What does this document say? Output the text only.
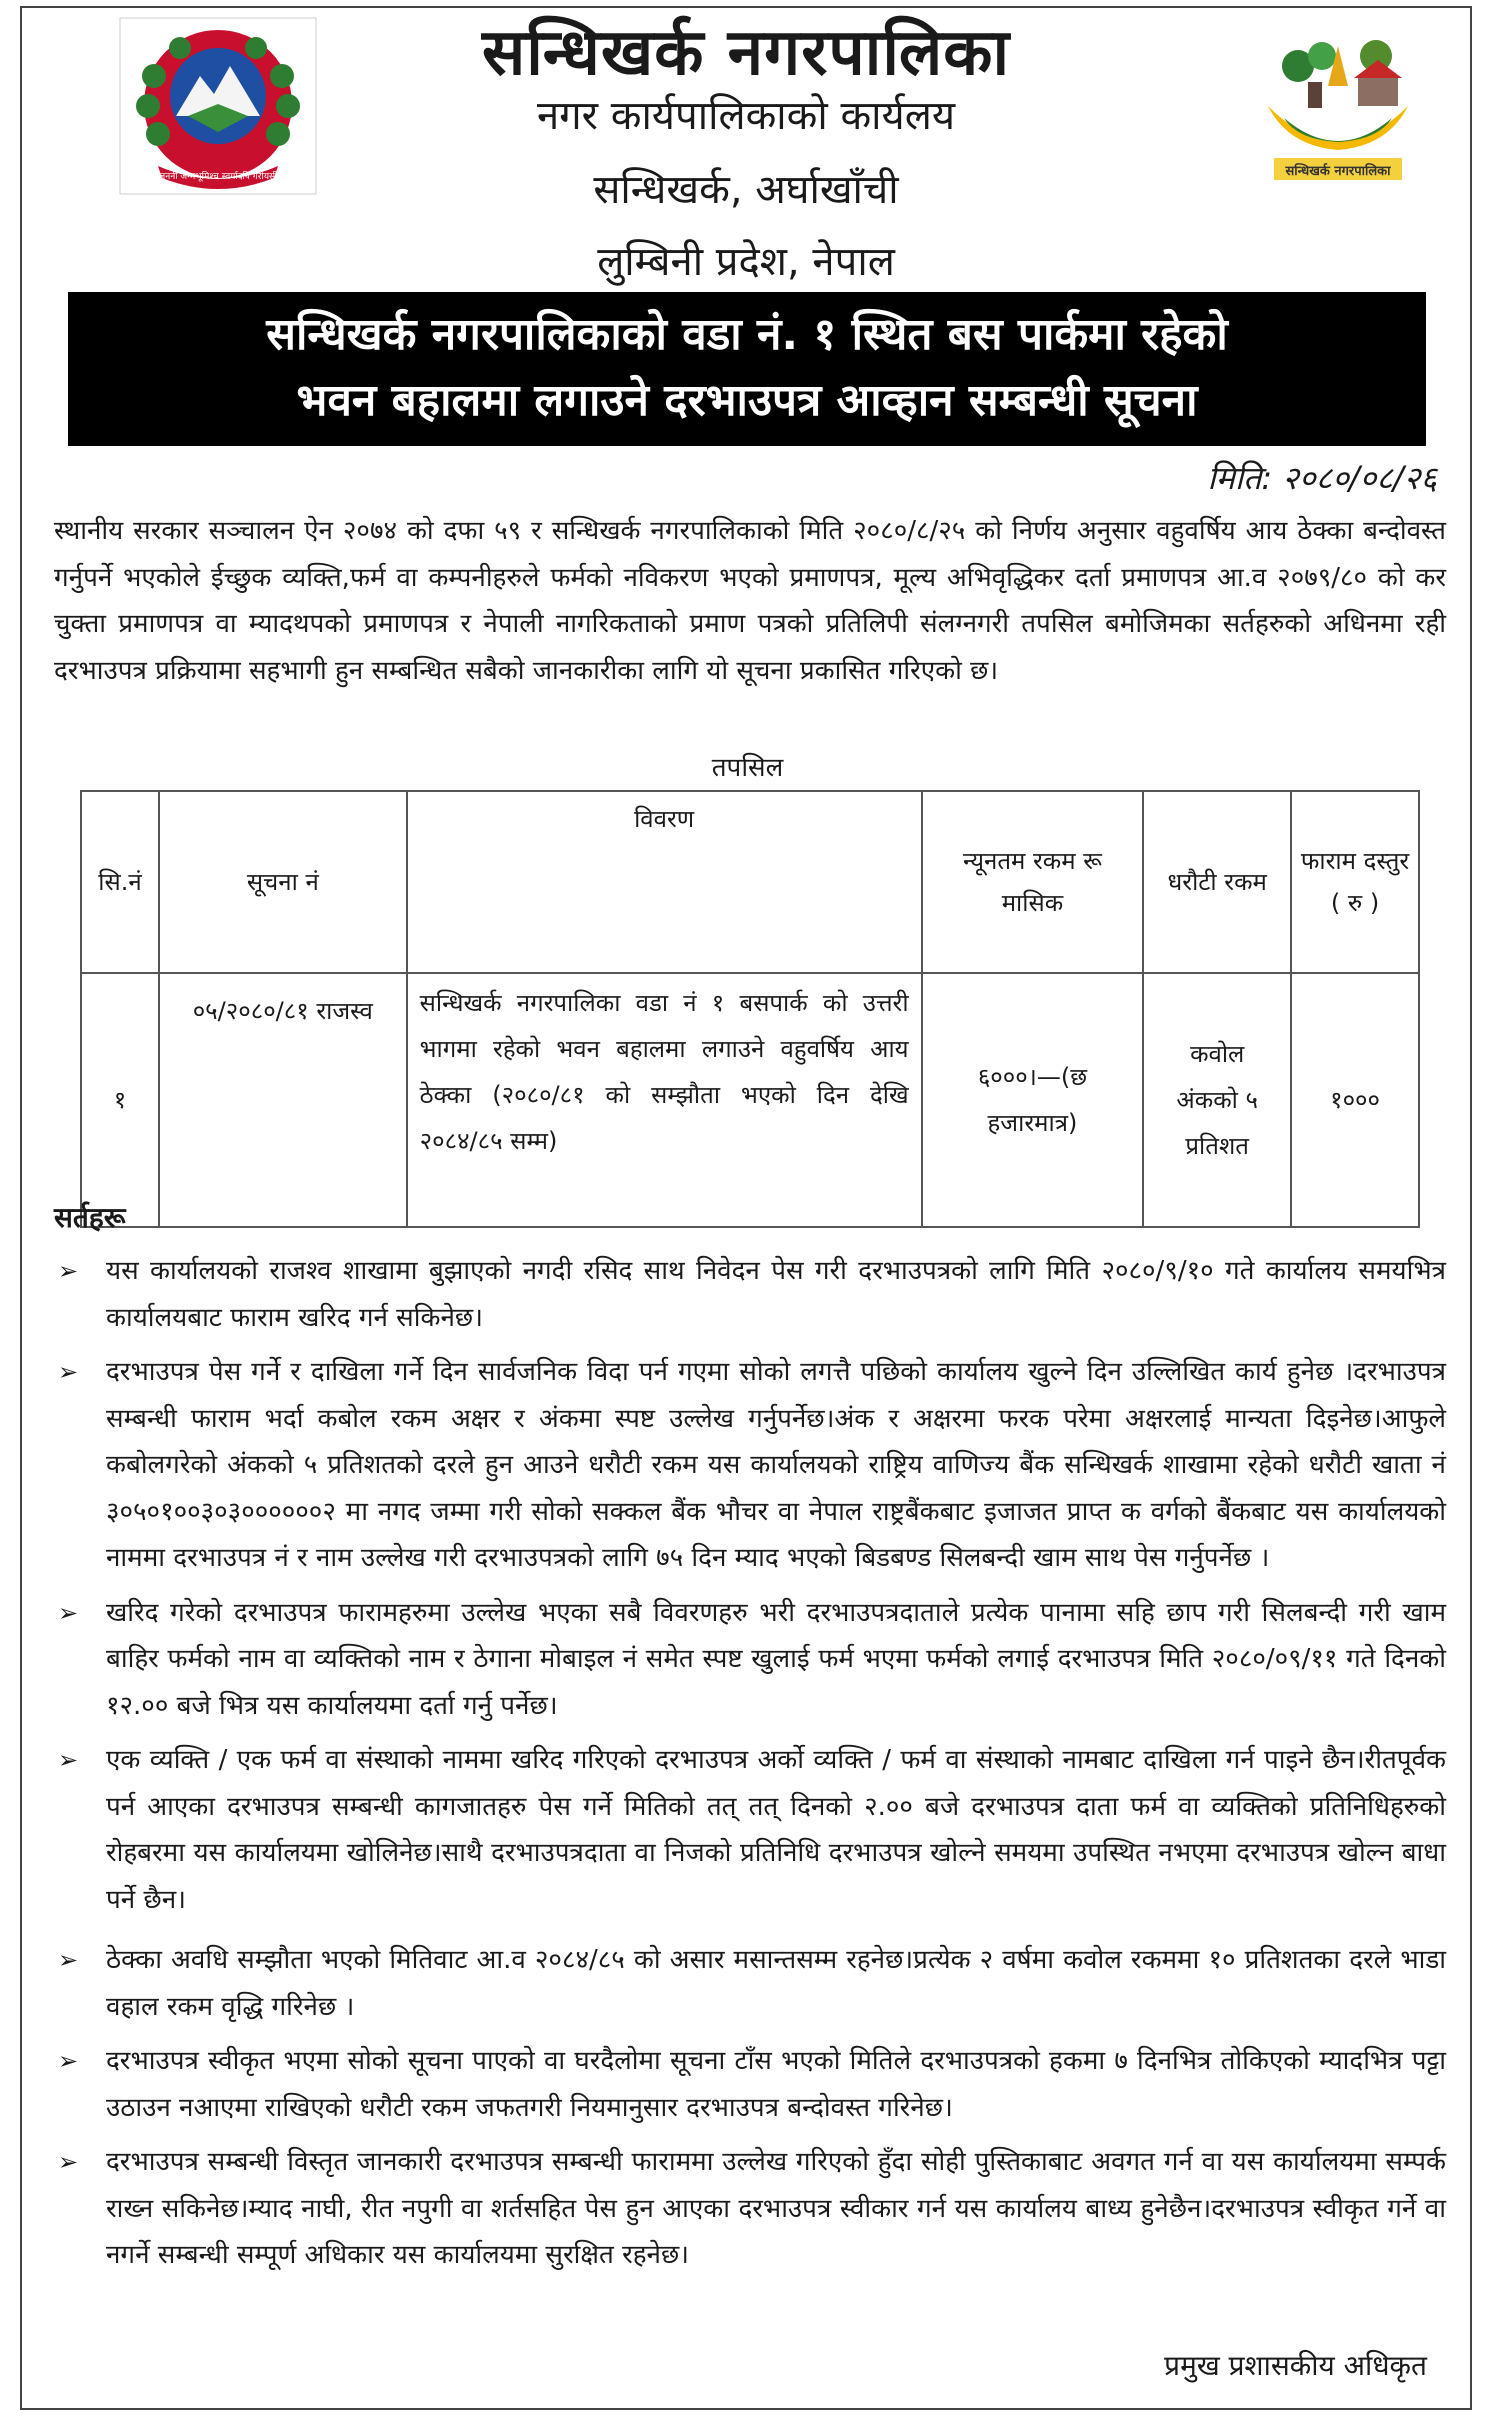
जननी जन्मभूमिश्च स्वर्गादपि गरीयसी
सन्धिखर्क नगरपालिका
नगर कार्यपालिकाको कार्यलय
सन्धिखर्क, अर्घाखाँची
लुम्बिनी प्रदेश, नेपाल
सन्धिखर्क नगरपालिका
सन्धिखर्क नगरपालिकाको वडा नं. १ स्थित बस पार्कमा रहेको
भवन बहालमा लगाउने दरभाउपत्र आव्हान सम्बन्धी सूचना
मिति: २०८०/०८/२६
स्थानीय सरकार सञ्चालन ऐन २०७४ को दफा ५९ र सन्धिखर्क नगरपालिकाको मिति २०८०/८/२५ को निर्णय अनुसार वहुवर्षिय आय ठेक्का बन्दोवस्त गर्नुपर्ने भएकोले ईच्छुक व्यक्ति,फर्म वा कम्पनीहरुले फर्मको नविकरण भएको प्रमाणपत्र, मूल्य अभिवृद्धिकर दर्ता प्रमाणपत्र आ.व २०७९/८० को कर चुक्ता प्रमाणपत्र वा म्यादथपको प्रमाणपत्र र नेपाली नागरिकताको प्रमाण पत्रको प्रतिलिपी संलग्नगरी तपसिल बमोजिमका सर्तहरुको अधिनमा रही दरभाउपत्र प्रक्रियामा सहभागी हुन सम्बन्धित सबैको जानकारीका लागि यो सूचना प्रकासित गरिएको छ।
तपसिल
सि.नं	सूचना नं	विवरण	न्यूनतम रकम रू मासिक	धरौटी रकम	फाराम दस्तुर ( रु )
१	०५/२०८०/८१ राजस्व	सन्धिखर्क नगरपालिका वडा नं १ बसपार्क को उत्तरी भागमा रहेको भवन बहालमा लगाउने वहुवर्षिय आय ठेक्का (२०८०/८१ को सम्झौता भएको दिन देखि २०८४/८५ सम्म)	६०००।—(छ हजारमात्र)	कवोल अंकको ५ प्रतिशत	१०००
सर्तहरू
➢ यस कार्यालयको राजश्व शाखामा बुझाएको नगदी रसिद साथ निवेदन पेस गरी दरभाउपत्रको लागि मिति २०८०/९/१० गते कार्यालय समयभित्र कार्यालयबाट फाराम खरिद गर्न सकिनेछ।
➢ दरभाउपत्र पेस गर्ने र दाखिला गर्ने दिन सार्वजनिक विदा पर्न गएमा सोको लगत्तै पछिको कार्यालय खुल्ने दिन उल्लिखित कार्य हुनेछ ।दरभाउपत्र सम्बन्धी फाराम भर्दा कबोल रकम अक्षर र अंकमा स्पष्ट उल्लेख गर्नुपर्नेछ।अंक र अक्षरमा फरक परेमा अक्षरलाई मान्यता दिइनेछ।आफुले कबोलगरेको अंकको ५ प्रतिशतको दरले हुन आउने धरौटी रकम यस कार्यालयको राष्ट्रिय वाणिज्य बैंक सन्धिखर्क शाखामा रहेको धरौटी खाता नं ३०५०१००३०३००००००२ मा नगद जम्मा गरी सोको सक्कल बैंक भौचर वा नेपाल राष्ट्रबैंकबाट इजाजत प्राप्त क वर्गको बैंकबाट यस कार्यालयको नाममा दरभाउपत्र नं र नाम उल्लेख गरी दरभाउपत्रको लागि ७५ दिन म्याद भएको बिडबण्ड सिलबन्दी खाम साथ पेस गर्नुपर्नेछ ।
➢ खरिद गरेको दरभाउपत्र फारामहरुमा उल्लेख भएका सबै विवरणहरु भरी दरभाउपत्रदाताले प्रत्येक पानामा सहि छाप गरी सिलबन्दी गरी खाम बाहिर फर्मको नाम वा व्यक्तिको नाम र ठेगाना मोबाइल नं समेत स्पष्ट खुलाई फर्म भएमा फर्मको लगाई दरभाउपत्र मिति २०८०/०९/११ गते दिनको १२.०० बजे भित्र यस कार्यालयमा दर्ता गर्नु पर्नेछ।
➢ एक व्यक्ति / एक फर्म वा संस्थाको नाममा खरिद गरिएको दरभाउपत्र अर्को व्यक्ति / फर्म वा संस्थाको नामबाट दाखिला गर्न पाइने छैन।रीतपूर्वक पर्न आएका दरभाउपत्र सम्बन्धी कागजातहरु पेस गर्ने मितिको तत् तत् दिनको २.०० बजे दरभाउपत्र दाता फर्म वा व्यक्तिको प्रतिनिधिहरुको रोहबरमा यस कार्यालयमा खोलिनेछ।साथै दरभाउपत्रदाता वा निजको प्रतिनिधि दरभाउपत्र खोल्ने समयमा उपस्थित नभएमा दरभाउपत्र खोल्न बाधा पर्ने छैन।
➢ ठेक्का अवधि सम्झौता भएको मितिवाट आ.व २०८४/८५ को असार मसान्तसम्म रहनेछ।प्रत्येक २ वर्षमा कवोल रकममा १० प्रतिशतका दरले भाडा वहाल रकम वृद्धि गरिनेछ ।
➢ दरभाउपत्र स्वीकृत भएमा सोको सूचना पाएको वा घरदैलोमा सूचना टाँस भएको मितिले दरभाउपत्रको हकमा ७ दिनभित्र तोकिएको म्यादभित्र पट्टा उठाउन नआएमा राखिएको धरौटी रकम जफतगरी नियमानुसार दरभाउपत्र बन्दोवस्त गरिनेछ।
➢ दरभाउपत्र सम्बन्धी विस्तृत जानकारी दरभाउपत्र सम्बन्धी फाराममा उल्लेख गरिएको हुँदा सोही पुस्तिकाबाट अवगत गर्न वा यस कार्यालयमा सम्पर्क राख्न सकिनेछ।म्याद नाघी, रीत नपुगी वा शर्तसहित पेस हुन आएका दरभाउपत्र स्वीकार गर्न यस कार्यालय बाध्य हुनेछैन।दरभाउपत्र स्वीकृत गर्ने वा नगर्ने सम्बन्धी सम्पूर्ण अधिकार यस कार्यालयमा सुरक्षित रहनेछ।
प्रमुख प्रशासकीय अधिकृत
